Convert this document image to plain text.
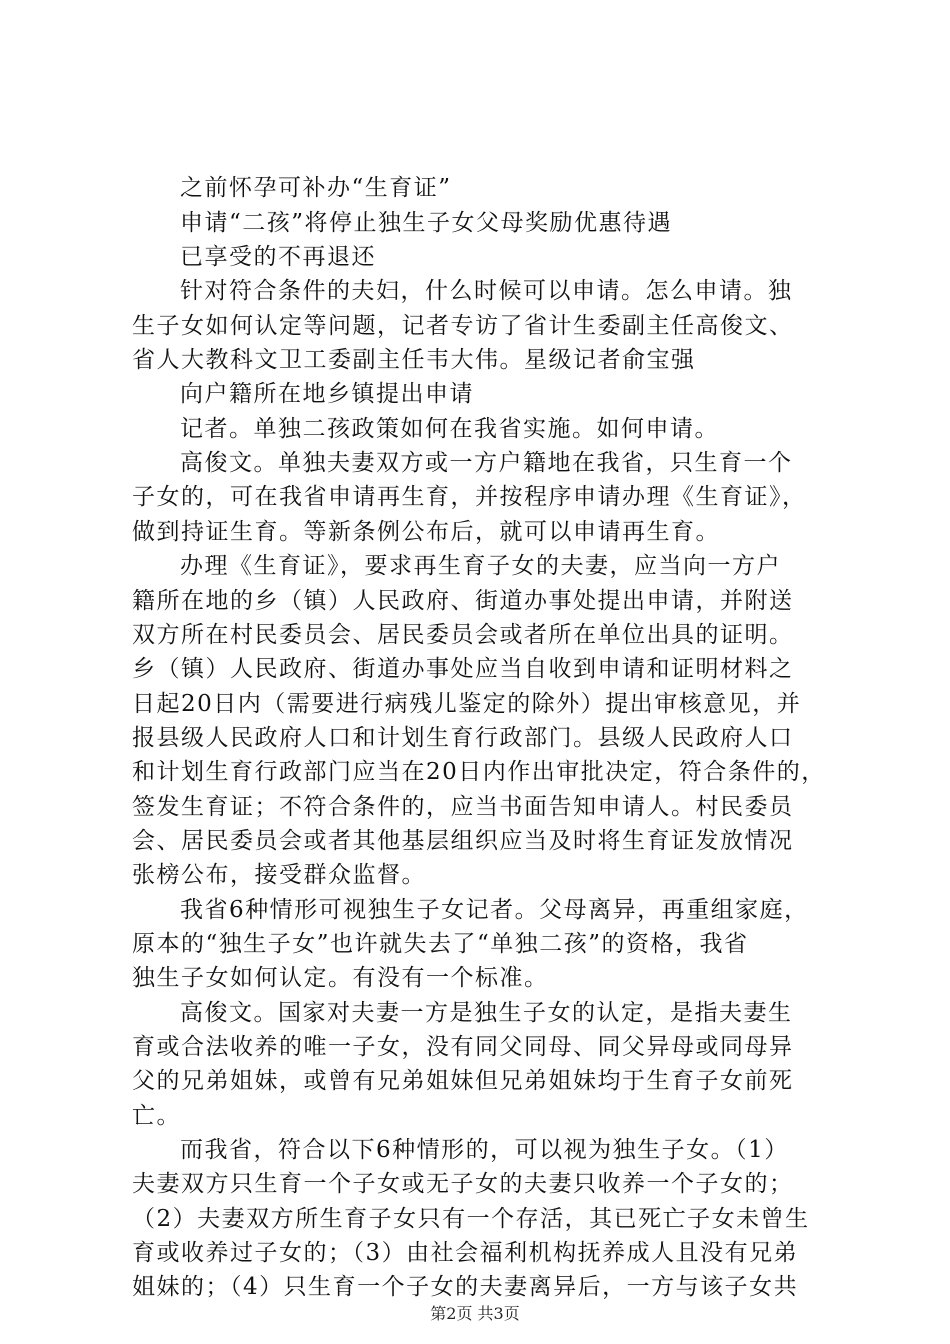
之前怀孕可补办“生育证”
申请“二孩”将停止独生子女父母奖励优惠待遇
已享受的不再退还
针对符合条件的夫妇，什么时候可以申请。怎么申请。独
生子女如何认定等问题，记者专访了省计生委副主任高俊文、
省人大教科文卫工委副主任韦大伟。星级记者俞宝强
向户籍所在地乡镇提出申请
记者。单独二孩政策如何在我省实施。如何申请。
高俊文。单独夫妻双方或一方户籍地在我省，只生育一个
子女的，可在我省申请再生育，并按程序申请办理《生育证》，
做到持证生育。等新条例公布后，就可以申请再生育。
办理《生育证》，要求再生育子女的夫妻，应当向一方户
籍所在地的乡（镇）人民政府、街道办事处提出申请，并附送
双方所在村民委员会、居民委员会或者所在单位出具的证明。
乡（镇）人民政府、街道办事处应当自收到申请和证明材料之
日起20日内（需要进行病残儿鉴定的除外）提出审核意见，并
报县级人民政府人口和计划生育行政部门。县级人民政府人口
和计划生育行政部门应当在20日内作出审批决定，符合条件的，
签发生育证；不符合条件的，应当书面告知申请人。村民委员
会、居民委员会或者其他基层组织应当及时将生育证发放情况
张榜公布，接受群众监督。
我省6种情形可视独生子女记者。父母离异，再重组家庭，
原本的“独生子女”也许就失去了“单独二孩”的资格，我省
独生子女如何认定。有没有一个标准。
高俊文。国家对夫妻一方是独生子女的认定，是指夫妻生
育或合法收养的唯一子女，没有同父同母、同父异母或同母异
父的兄弟姐妹，或曾有兄弟姐妹但兄弟姐妹均于生育子女前死
亡。
而我省，符合以下6种情形的，可以视为独生子女。（1）
夫妻双方只生育一个子女或无子女的夫妻只收养一个子女的；
（2）夫妻双方所生育子女只有一个存活，其已死亡子女未曾生
育或收养过子女的；（3）由社会福利机构抚养成人且没有兄弟
姐妹的；（4）只生育一个子女的夫妻离异后，一方与该子女共
第2页 共3页
